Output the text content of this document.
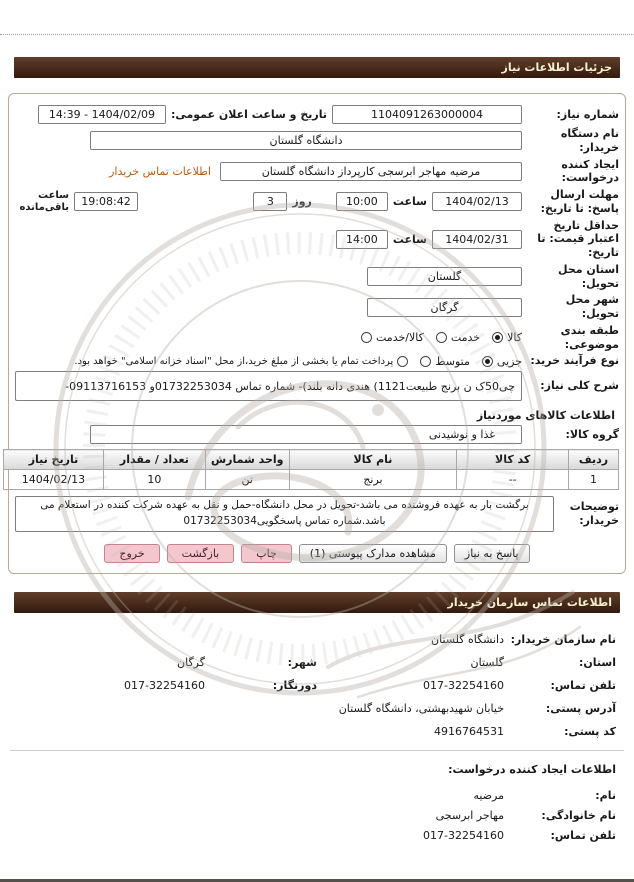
جزئیات اطلاعات نیاز
شماره نیاز:
1104091263000004
تاریخ و ساعت اعلان عمومی:
1404/02/09 - 14:39
نام دستگاه خریدار:
دانشگاه گلستان
ایجاد کننده درخواست:
مرضیه مهاجر ابرسجی کارپرداز دانشگاه گلستان
اطلاعات تماس خریدار
مهلت ارسال پاسخ: تا تاریخ:
1404/02/13
ساعت
10:00
روز
3
19:08:42
ساعت باقی‌مانده
حداقل تاریخ اعتبار قیمت: تا تاریخ:
1404/02/31
ساعت
14:00
استان محل تحویل:
گلستان
شهر محل تحویل:
گرگان
طبقه بندی موضوعی:
کالا
خدمت
کالا/خدمت
نوع فرآیند خرید:
جزیی
متوسط
پرداخت تمام یا بخشی از مبلغ خرید،از محل "اسناد خزانه اسلامی" خواهد بود.
شرح کلی نیاز:
چی50ک ن برنج طبیعت1121) هندی دانه بلند)- شماره تماس 01732253034و 09113716153-
اطلاعات کالاهای موردنیاز
گروه کالا:
غذا و نوشیدنی
ردیف	کد کالا	نام کالا	واحد شمارش	تعداد / مقدار	تاریخ نیاز
1	--	برنج	تن	10	1404/02/13
توضیحات خریدار:
برگشت بار به عهده فروشنده می باشد-تحویل در محل دانشگاه-حمل و نقل به عهده شرکت کننده در استعلام می باشد.شماره تماس پاسخگویی01732253034
پاسخ به نیاز
مشاهده مدارک پیوستی (1)
چاپ
بازگشت
خروج
اطلاعات تماس سازمان خریدار
نام سازمان خریدار:
دانشگاه گلستان
استان:
گلستان
شهر:
گرگان
تلفن تماس:
017-32254160
دورنگار:
017-32254160
آدرس پستی:
خیابان شهیدبهشتی، دانشگاه گلستان
کد پستی:
4916764531
اطلاعات ایجاد کننده درخواست:
نام:
مرضیه
نام خانوادگی:
مهاجر ابرسجی
تلفن تماس:
017-32254160
